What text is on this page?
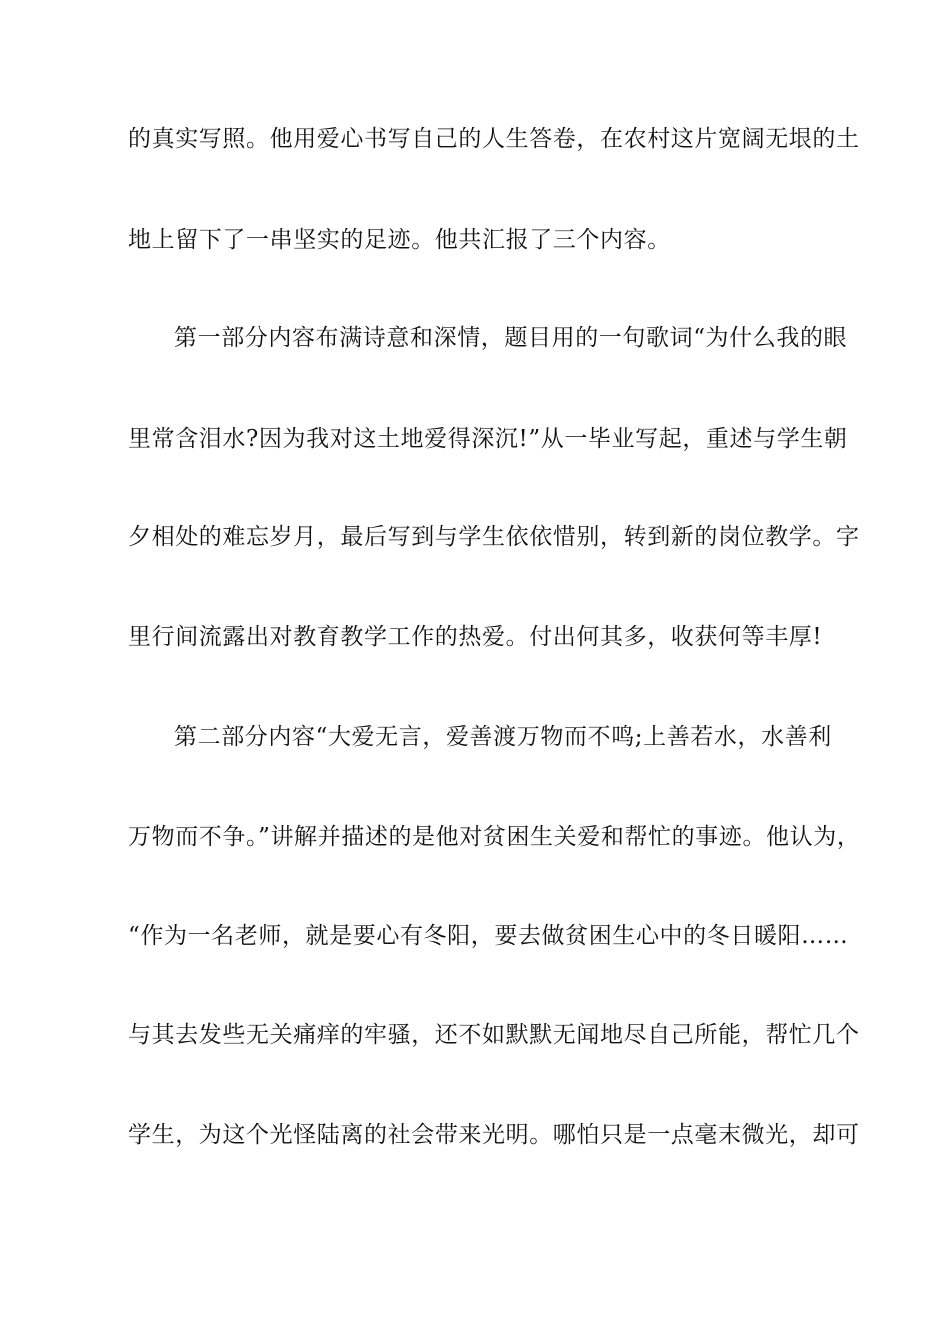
的真实写照。他用爱心书写自己的人生答卷，在农村这片宽阔无垠的土
地上留下了一串坚实的足迹。他共汇报了三个内容。
第一部分内容布满诗意和深情，题目用的一句歌词“为什么我的眼
里常含泪水?因为我对这土地爱得深沉!”从一毕业写起，重述与学生朝
夕相处的难忘岁月，最后写到与学生依依惜别，转到新的岗位教学。字
里行间流露出对教育教学工作的热爱。付出何其多，收获何等丰厚!
第二部分内容“大爱无言，爱善渡万物而不鸣;上善若水，水善利
万物而不争。”讲解并描述的是他对贫困生关爱和帮忙的事迹。他认为，
“作为一名老师，就是要心有冬阳，要去做贫困生心中的冬日暖阳……
与其去发些无关痛痒的牢骚，还不如默默无闻地尽自己所能，帮忙几个
学生，为这个光怪陆离的社会带来光明。哪怕只是一点毫末微光，却可
